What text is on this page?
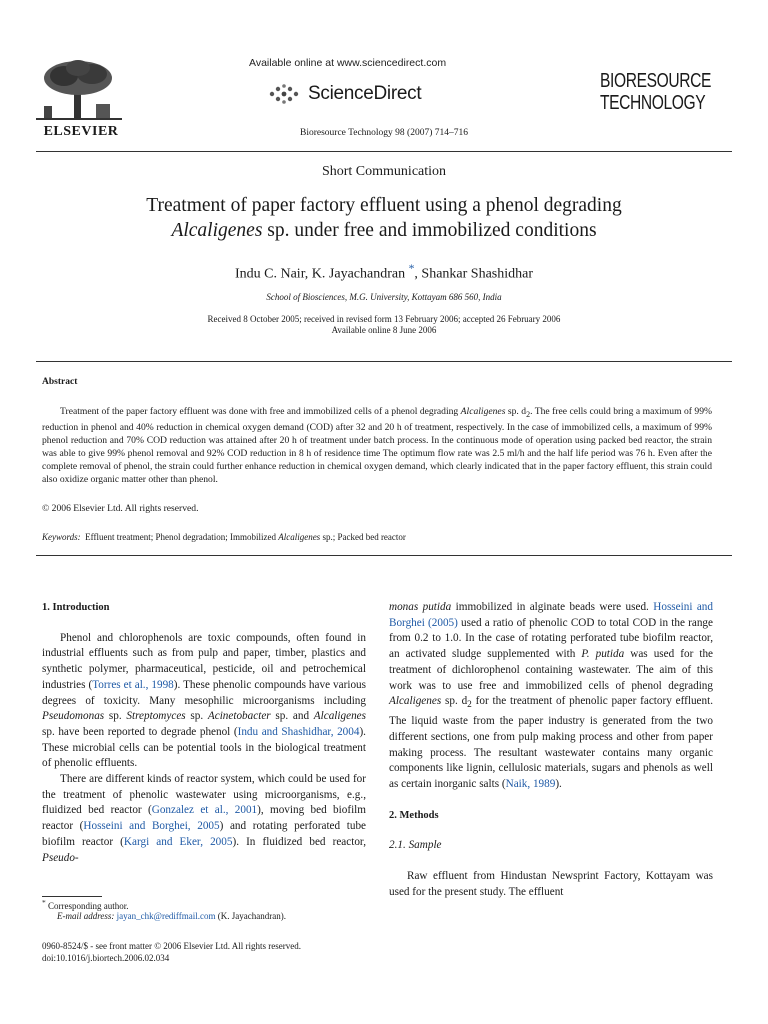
ELSEVIER
Available online at www.sciencedirect.com
ScienceDirect
Bioresource Technology 98 (2007) 714–716
BIORESOURCE
TECHNOLOGY
Short Communication
Treatment of paper factory effluent using a phenol degrading
Alcaligenes sp. under free and immobilized conditions
Indu C. Nair, K. Jayachandran *, Shankar Shashidhar
School of Biosciences, M.G. University, Kottayam 686 560, India
Received 8 October 2005; received in revised form 13 February 2006; accepted 26 February 2006
Available online 8 June 2006
Abstract

Treatment of the paper factory effluent was done with free and immobilized cells of a phenol degrading Alcaligenes sp. $d_2$. The free cells could bring a maximum of 99% reduction in phenol and 40% reduction in chemical oxygen demand (COD) after 32 and 20 h of treatment, respectively. In the case of immobilized cells, a maximum of 99% phenol reduction and 70% COD reduction was attained after 20 h of treatment under batch process. In the continuous mode of operation using packed bed reactor, the strain was able to give 99% phenol removal and 92% COD reduction in 8 h of residence time The optimum flow rate was 2.5 ml/h and the half life period was 76 h. Even after the complete removal of phenol, the strain could further enhance reduction in chemical oxygen demand, which clearly indicated that in the paper factory effluent, this strain could also oxidize organic matter other than phenol.

© 2006 Elsevier Ltd. All rights reserved.
Keywords:  Effluent treatment; Phenol degradation; Immobilized Alcaligenes sp.; Packed bed reactor

1. Introduction

Phenol and chlorophenols are toxic compounds, often found in industrial effluents such as from pulp and paper, timber, plastics and synthetic polymer, pharmaceutical, pesticide, oil and petrochemical industries (Torres et al., 1998). These phenolic compounds have various degrees of toxicity. Many mesophilic microorganisms including Pseudomonas sp. Streptomyces sp. Acinetobacter sp. and Alcaligenes sp. have been reported to degrade phenol (Indu and Shashidhar, 2004). These microbial cells can be potential tools in the biological treatment of phenolic effluents.

There are different kinds of reactor system, which could be used for the treatment of phenolic wastewater using microorganisms, e.g., fluidized bed reactor (Gonzalez et al., 2001), moving bed biofilm reactor (Hosseini and Borghei, 2005) and rotating perforated tube biofilm reactor (Kargi and Eker, 2005). In fluidized bed reactor, Pseudo-

monas putida immobilized in alginate beads were used. Hosseini and Borghei (2005) used a ratio of phenolic COD to total COD in the range from 0.2 to 1.0. In the case of rotating perforated tube biofilm reactor, an activated sludge supplemented with P. putida was used for the treatment of dichlorophenol containing wastewater. The aim of this work was to use free and immobilized cells of phenol degrading Alcaligenes sp. $d_2$ for the treatment of phenolic paper factory effluent. The liquid waste from the paper industry is generated from the two different sections, one from pulp making process and other from paper making process. The resultant wastewater contains many organic components like lignin, cellulosic materials, sugars and phenols as well as certain inorganic salts (Naik, 1989).

2. Methods

2.1. Sample

Raw effluent from Hindustan Newsprint Factory, Kottayam was used for the present study. The effluent

* Corresponding author.
E-mail address: jayan_chk@rediffmail.com (K. Jayachandran).
0960-8524/$ - see front matter © 2006 Elsevier Ltd. All rights reserved.
doi:10.1016/j.biortech.2006.02.034
